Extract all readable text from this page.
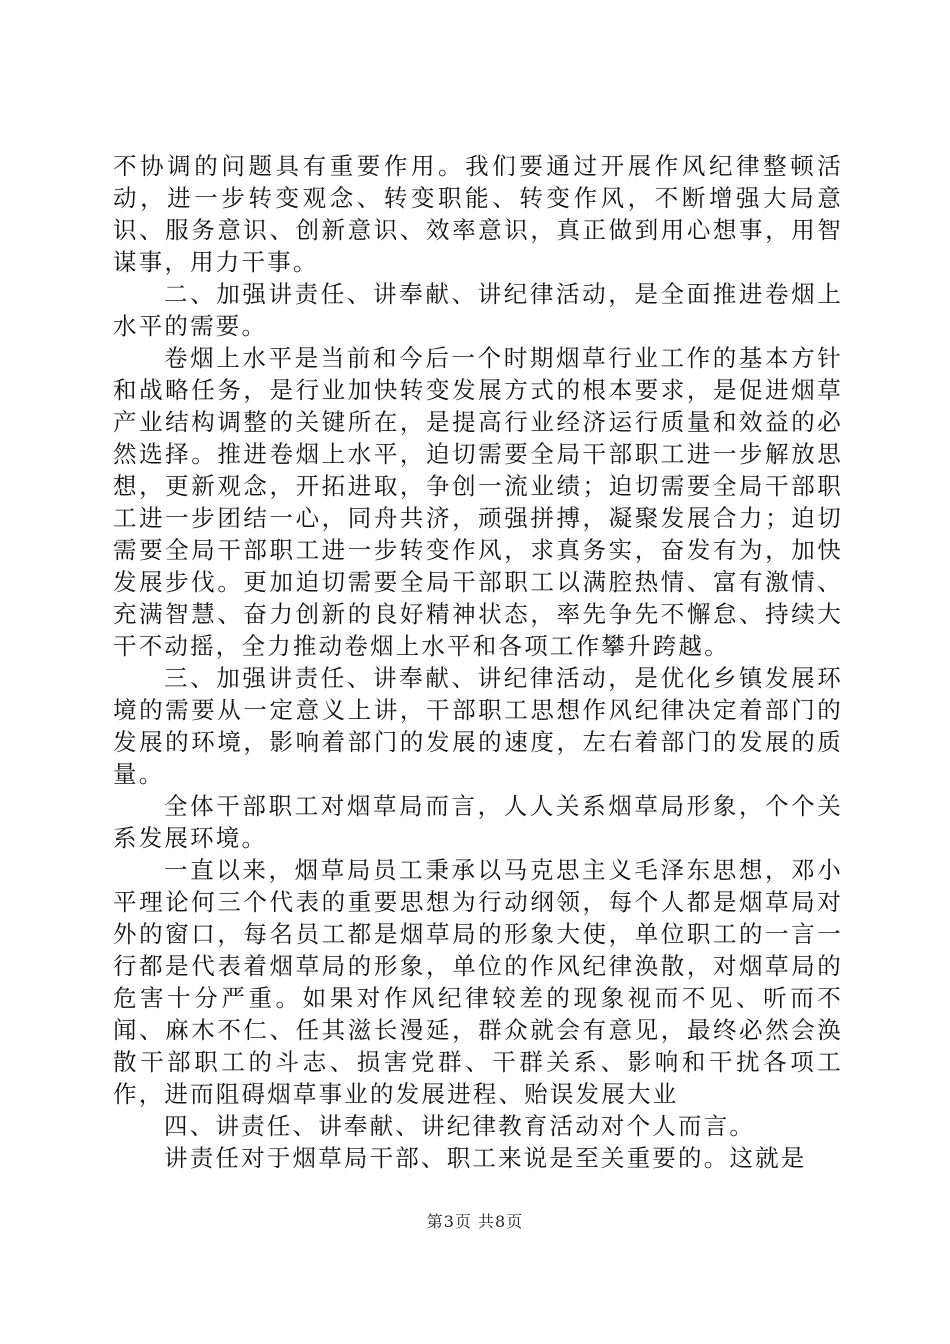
不协调的问题具有重要作用。我们要通过开展作风纪律整顿活动，进一步转变观念、转变职能、转变作风，不断增强大局意识、服务意识、创新意识、效率意识，真正做到用心想事，用智谋事，用力干事。

二、加强讲责任、讲奉献、讲纪律活动，是全面推进卷烟上水平的需要。

卷烟上水平是当前和今后一个时期烟草行业工作的基本方针和战略任务，是行业加快转变发展方式的根本要求，是促进烟草产业结构调整的关键所在，是提高行业经济运行质量和效益的必然选择。推进卷烟上水平，迫切需要全局干部职工进一步解放思想，更新观念，开拓进取，争创一流业绩；迫切需要全局干部职工进一步团结一心，同舟共济，顽强拼搏，凝聚发展合力；迫切需要全局干部职工进一步转变作风，求真务实，奋发有为，加快发展步伐。更加迫切需要全局干部职工以满腔热情、富有激情、充满智慧、奋力创新的良好精神状态，率先争先不懈怠、持续大干不动摇，全力推动卷烟上水平和各项工作攀升跨越。

三、加强讲责任、讲奉献、讲纪律活动，是优化乡镇发展环境的需要从一定意义上讲，干部职工思想作风纪律决定着部门的发展的环境，影响着部门的发展的速度，左右着部门的发展的质量。

全体干部职工对烟草局而言，人人关系烟草局形象，个个关系发展环境。

一直以来，烟草局员工秉承以马克思主义毛泽东思想，邓小平理论何三个代表的重要思想为行动纲领，每个人都是烟草局对外的窗口，每名员工都是烟草局的形象大使，单位职工的一言一行都是代表着烟草局的形象，单位的作风纪律涣散，对烟草局的危害十分严重。如果对作风纪律较差的现象视而不见、听而不闻、麻木不仁、任其滋长漫延，群众就会有意见，最终必然会涣散干部职工的斗志、损害党群、干群关系、影响和干扰各项工作，进而阻碍烟草事业的发展进程、贻误发展大业

四、讲责任、讲奉献、讲纪律教育活动对个人而言。

讲责任对于烟草局干部、职工来说是至关重要的。这就是

第3页 共8页
